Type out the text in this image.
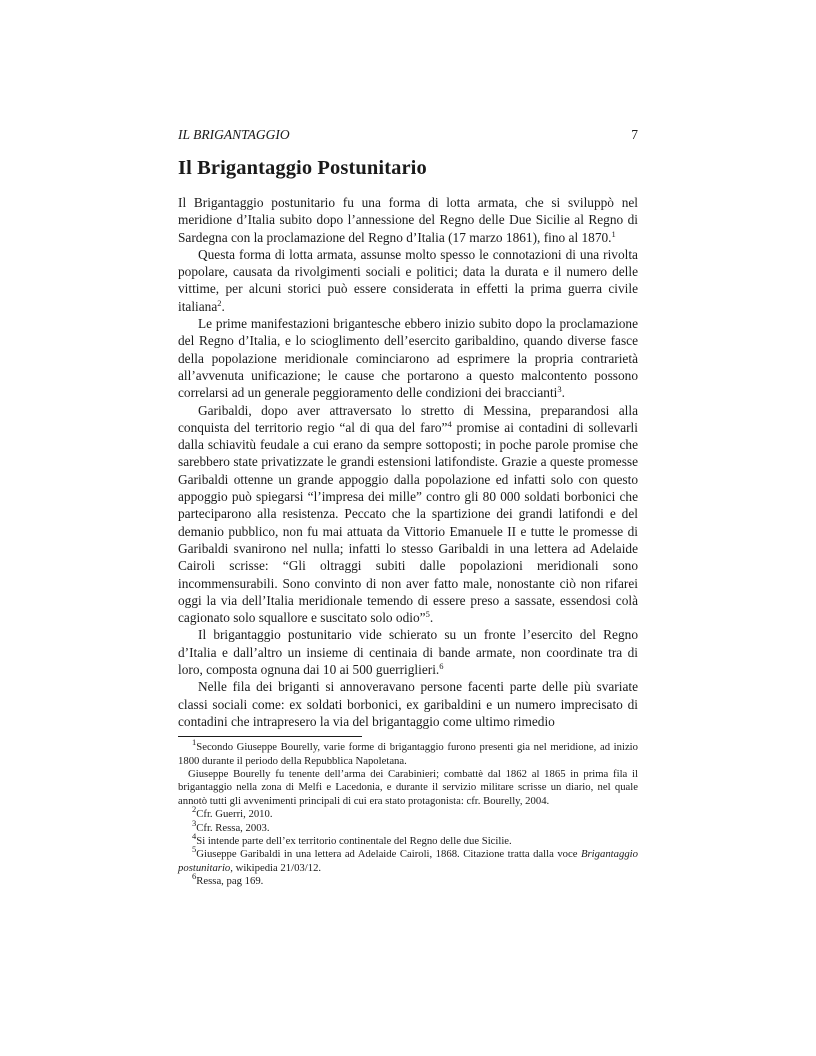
IL BRIGANTAGGIO	7
Il Brigantaggio Postunitario

Il Brigantaggio postunitario fu una forma di lotta armata, che si sviluppò nel meridione d’Italia subito dopo l’annessione del Regno delle Due Sicilie al Regno di Sardegna con la proclamazione del Regno d’Italia (17 marzo 1861), fino al 1870.$^1$

Questa forma di lotta armata, assunse molto spesso le connotazioni di una rivolta popolare, causata da rivolgimenti sociali e politici; data la durata e il numero delle vittime, per alcuni storici può essere considerata in effetti la prima guerra civile italiana$^2$.

Le prime manifestazioni brigantesche ebbero inizio subito dopo la proclamazione del Regno d’Italia, e lo scioglimento dell’esercito garibaldino, quando diverse fasce della popolazione meridionale cominciarono ad esprimere la propria contrarietà all’avvenuta unificazione; le cause che portarono a questo malcontento possono correlarsi ad un generale peggioramento delle condizioni dei braccianti$^3$.

Garibaldi, dopo aver attraversato lo stretto di Messina, preparandosi alla conquista del territorio regio “al di qua del faro”$^4$ promise ai contadini di sollevarli dalla schiavitù feudale a cui erano da sempre sottoposti; in poche parole promise che sarebbero state privatizzate le grandi estensioni latifondiste. Grazie a queste promesse Garibaldi ottenne un grande appoggio dalla popolazione ed infatti solo con questo appoggio può spiegarsi “l’impresa dei mille” contro gli 80 000 soldati borbonici che parteciparono alla resistenza. Peccato che la spartizione dei grandi latifondi e del demanio pubblico, non fu mai attuata da Vittorio Emanuele II e tutte le promesse di Garibaldi svanirono nel nulla; infatti lo stesso Garibaldi in una lettera ad Adelaide Cairoli scrisse: “Gli oltraggi subiti dalle popolazioni meridionali sono incommensurabili. Sono convinto di non aver fatto male, nonostante ciò non rifarei oggi la via dell’Italia meridionale temendo di essere preso a sassate, essendosi colà cagionato solo squallore e suscitato solo odio”$^5$.

Il brigantaggio postunitario vide schierato su un fronte l’esercito del Regno d’Italia e dall’altro un insieme di centinaia di bande armate, non coordinate tra di loro, composta ognuna dai 10 ai 500 guerriglieri.$^6$

Nelle fila dei briganti si annoveravano persone facenti parte delle più svariate classi sociali come: ex soldati borbonici, ex garibaldini e un numero imprecisato di contadini che intrapresero la via del brigantaggio come ultimo rimedio

$^1$Secondo Giuseppe Bourelly, varie forme di brigantaggio furono presenti gia nel meridione, ad inizio 1800 durante il periodo della Repubblica Napoletana.

Giuseppe Bourelly fu tenente dell’arma dei Carabinieri; combattè dal 1862 al 1865 in prima fila il brigantaggio nella zona di Melfi e Lacedonia, e durante il servizio militare scrisse un diario, nel quale annotò tutti gli avvenimenti principali di cui era stato protagonista: cfr. Bourelly, 2004.

$^2$Cfr. Guerri, 2010.

$^3$Cfr. Ressa, 2003.

$^4$Si intende parte dell’ex territorio continentale del Regno delle due Sicilie.

$^5$Giuseppe Garibaldi in una lettera ad Adelaide Cairoli, 1868. Citazione tratta dalla voce Brigantaggio postunitario, wikipedia 21/03/12.

$^6$Ressa, pag 169.
